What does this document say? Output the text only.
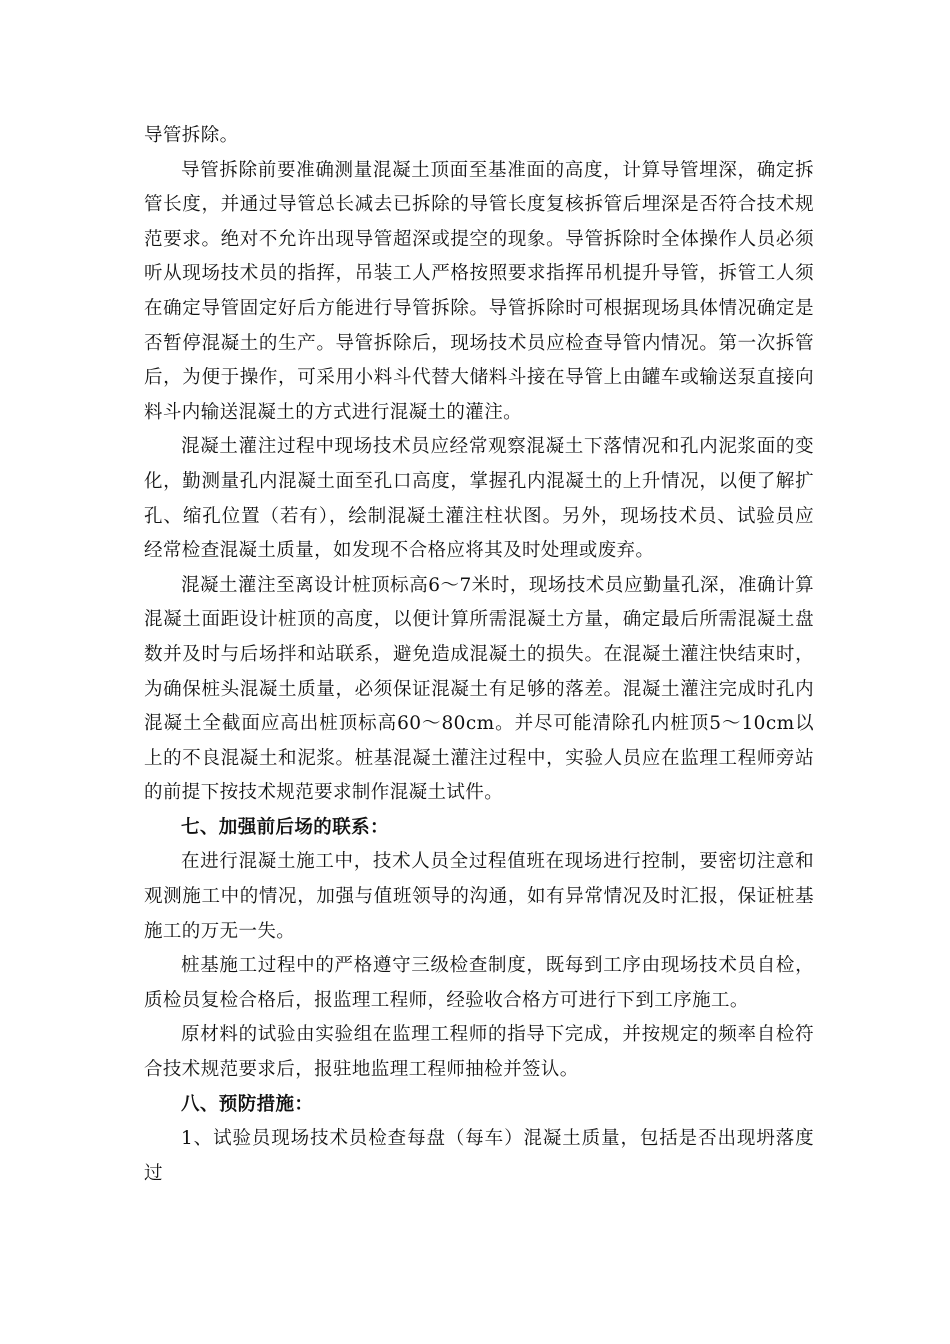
导管拆除。

导管拆除前要准确测量混凝土顶面至基准面的高度，计算导管埋深，确定拆管长度，并通过导管总长减去已拆除的导管长度复核拆管后埋深是否符合技术规范要求。绝对不允许出现导管超深或提空的现象。导管拆除时全体操作人员必须听从现场技术员的指挥，吊装工人严格按照要求指挥吊机提升导管，拆管工人须在确定导管固定好后方能进行导管拆除。导管拆除时可根据现场具体情况确定是否暂停混凝土的生产。导管拆除后，现场技术员应检查导管内情况。第一次拆管后，为便于操作，可采用小料斗代替大储料斗接在导管上由罐车或输送泵直接向料斗内输送混凝土的方式进行混凝土的灌注。

混凝土灌注过程中现场技术员应经常观察混凝土下落情况和孔内泥浆面的变化，勤测量孔内混凝土面至孔口高度，掌握孔内混凝土的上升情况，以便了解扩孔、缩孔位置（若有），绘制混凝土灌注柱状图。另外，现场技术员、试验员应经常检查混凝土质量，如发现不合格应将其及时处理或废弃。

混凝土灌注至离设计桩顶标高6～7米时，现场技术员应勤量孔深，准确计算混凝土面距设计桩顶的高度，以便计算所需混凝土方量，确定最后所需混凝土盘数并及时与后场拌和站联系，避免造成混凝土的损失。在混凝土灌注快结束时，为确保桩头混凝土质量，必须保证混凝土有足够的落差。混凝土灌注完成时孔内混凝土全截面应高出桩顶标高60～80cm。并尽可能清除孔内桩顶5～10cm以上的不良混凝土和泥浆。桩基混凝土灌注过程中，实验人员应在监理工程师旁站的前提下按技术规范要求制作混凝土试件。

七、加强前后场的联系：

在进行混凝土施工中，技术人员全过程值班在现场进行控制，要密切注意和观测施工中的情况，加强与值班领导的沟通，如有异常情况及时汇报，保证桩基施工的万无一失。

桩基施工过程中的严格遵守三级检查制度，既每到工序由现场技术员自检，质检员复检合格后，报监理工程师，经验收合格方可进行下到工序施工。

原材料的试验由实验组在监理工程师的指导下完成，并按规定的频率自检符合技术规范要求后，报驻地监理工程师抽检并签认。

八、预防措施：

1、试验员现场技术员检查每盘（每车）混凝土质量，包括是否出现坍落度过
